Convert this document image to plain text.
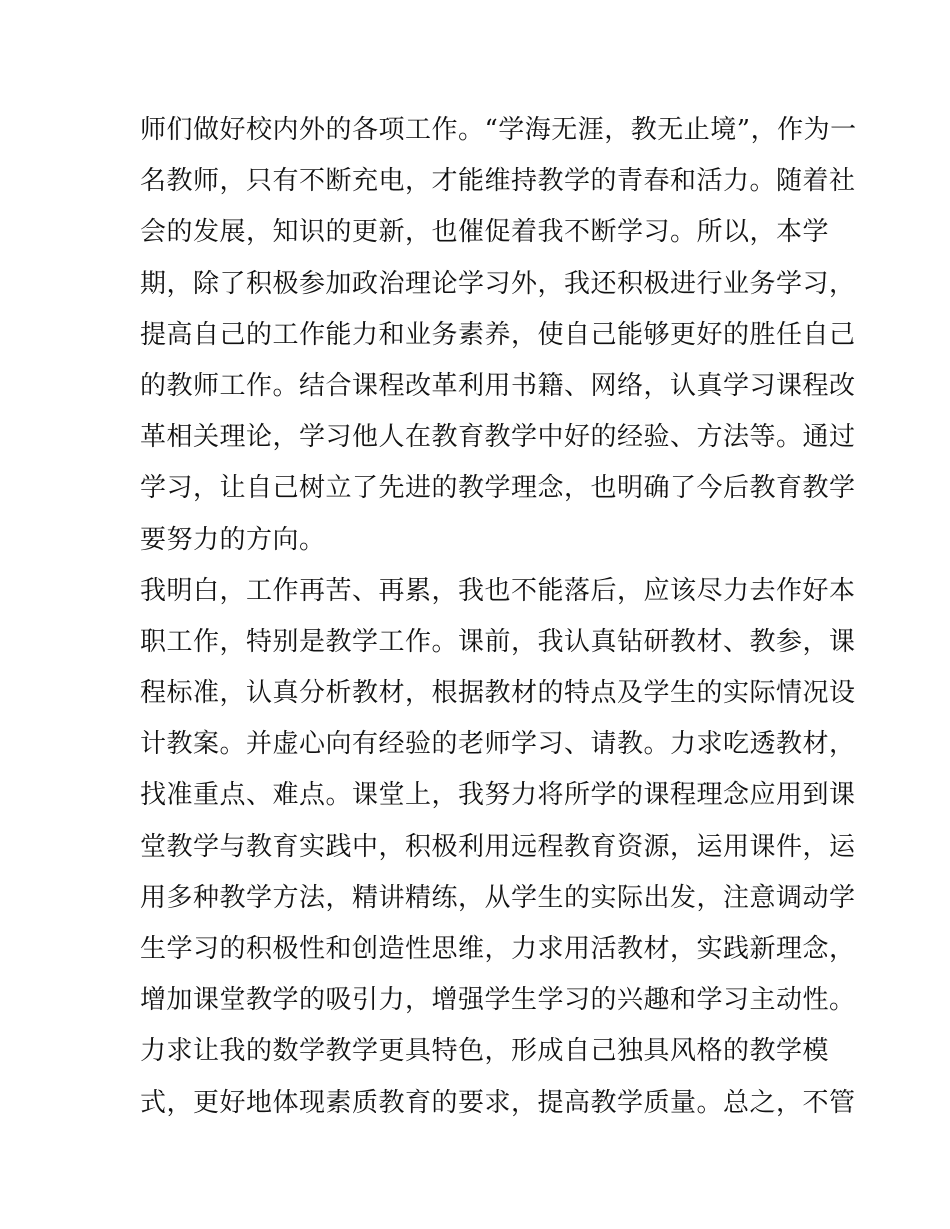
师们做好校内外的各项工作。“学海无涯，教无止境”，作为一
名教师，只有不断充电，才能维持教学的青春和活力。随着社
会的发展，知识的更新，也催促着我不断学习。所以，本学
期，除了积极参加政治理论学习外，我还积极进行业务学习，
提高自己的工作能力和业务素养，使自己能够更好的胜任自己
的教师工作。结合课程改革利用书籍、网络，认真学习课程改
革相关理论，学习他人在教育教学中好的经验、方法等。通过
学习，让自己树立了先进的教学理念，也明确了今后教育教学
要努力的方向。
我明白，工作再苦、再累，我也不能落后，应该尽力去作好本
职工作，特别是教学工作。课前，我认真钻研教材、教参，课
程标准，认真分析教材，根据教材的特点及学生的实际情况设
计教案。并虚心向有经验的老师学习、请教。力求吃透教材，
找准重点、难点。课堂上，我努力将所学的课程理念应用到课
堂教学与教育实践中，积极利用远程教育资源，运用课件，运
用多种教学方法，精讲精练，从学生的实际出发，注意调动学
生学习的积极性和创造性思维，力求用活教材，实践新理念，
增加课堂教学的吸引力，增强学生学习的兴趣和学习主动性。
力求让我的数学教学更具特色，形成自己独具风格的教学模
式，更好地体现素质教育的要求，提高教学质量。总之，不管
